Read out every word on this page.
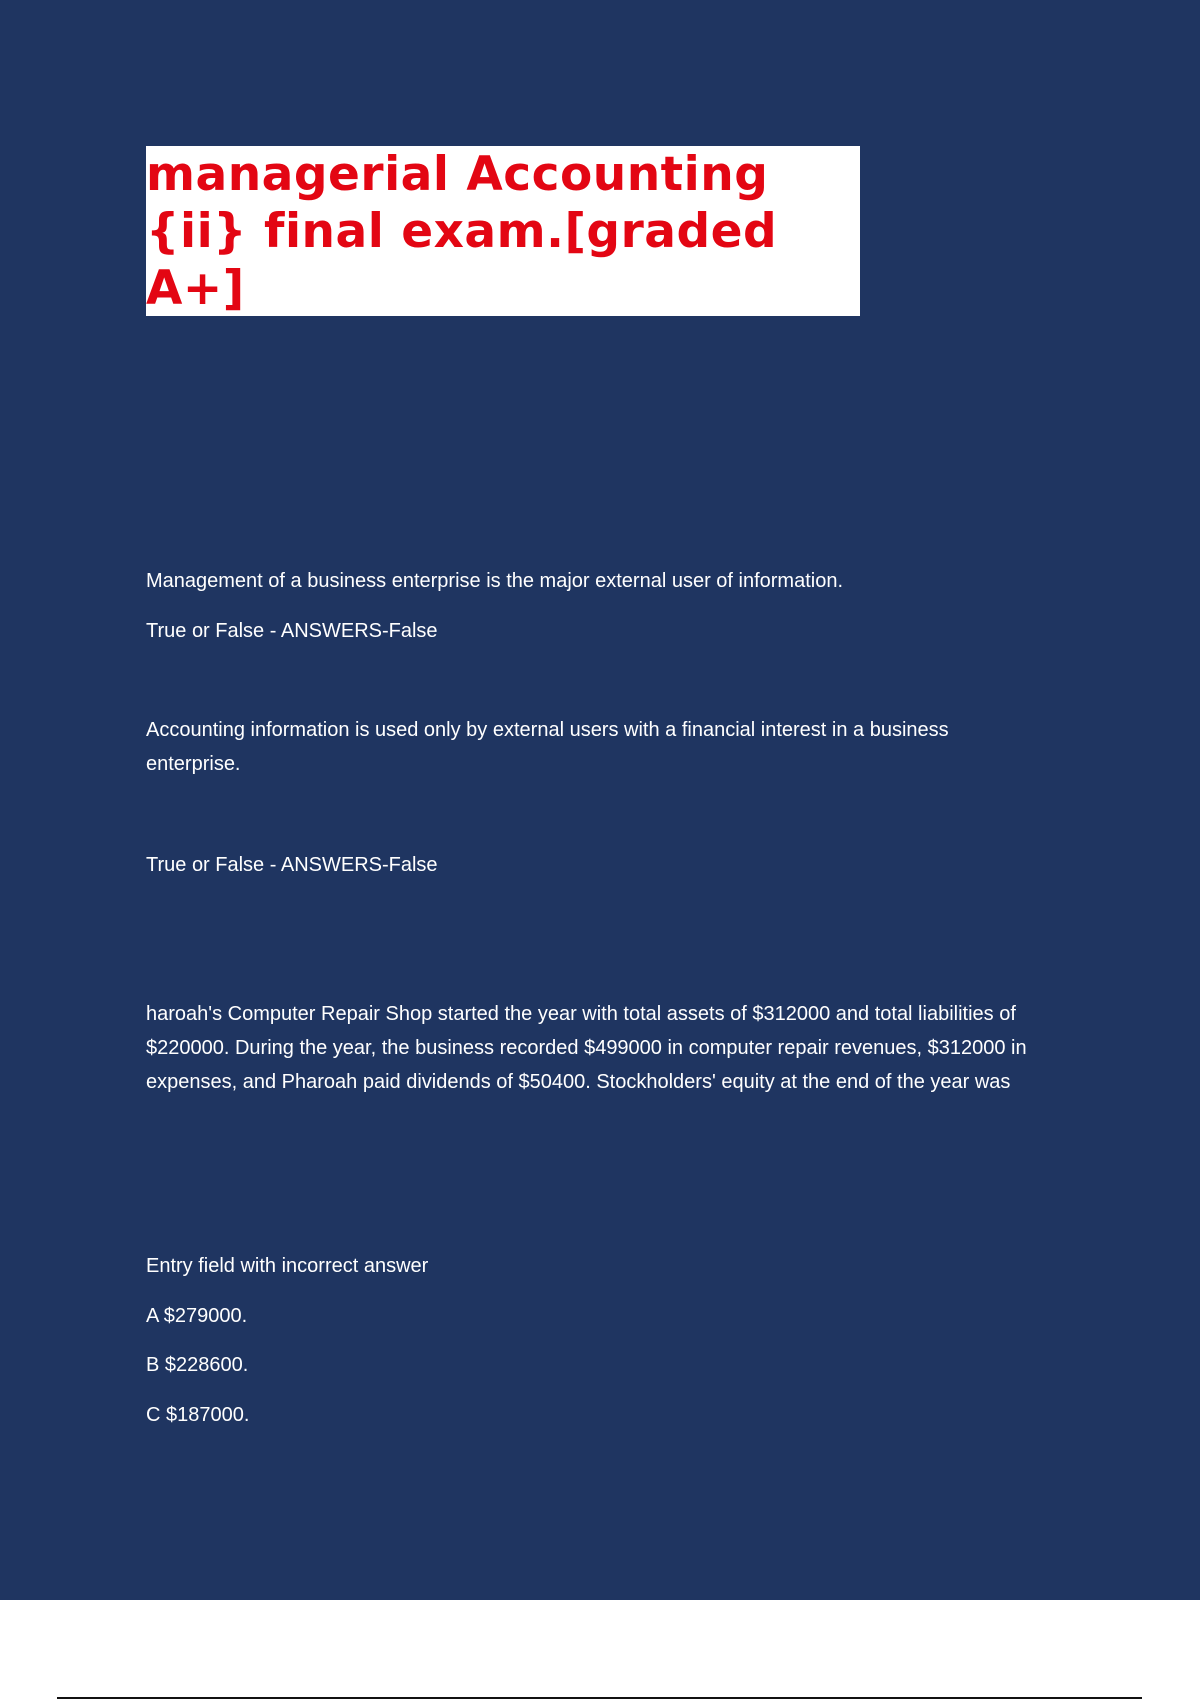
managerial Accounting {ii} final exam.[graded A+]

Management of a business enterprise is the major external user of information.

True or False - ANSWERS-False

Accounting information is used only by external users with a financial interest in a business enterprise.

True or False - ANSWERS-False

haroah's Computer Repair Shop started the year with total assets of $312000 and total liabilities of $220000. During the year, the business recorded $499000 in computer repair revenues, $312000 in expenses, and Pharoah paid dividends of $50400. Stockholders' equity at the end of the year was

Entry field with incorrect answer

A $279000.

B $228600.

C $187000.
